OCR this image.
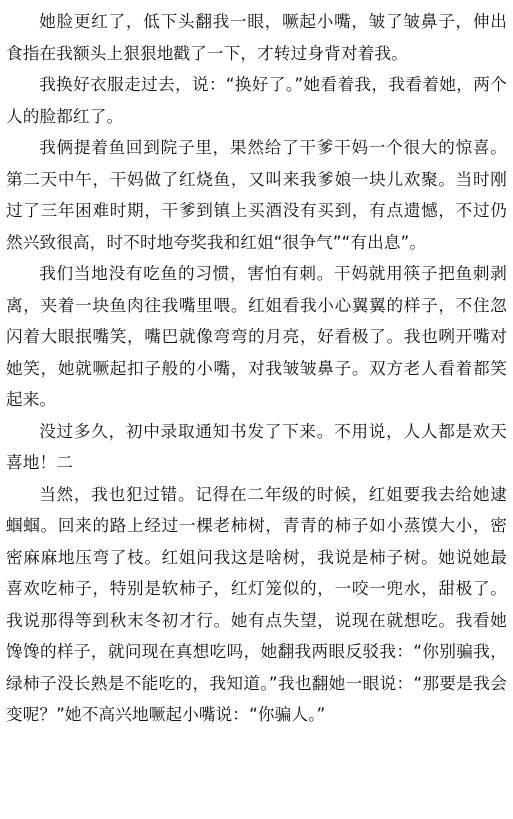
她脸更红了，低下头翻我一眼，噘起小嘴，皱了皱鼻子，伸出食指在我额头上狠狠地戳了一下，才转过身背对着我。

我换好衣服走过去，说：“换好了。”她看着我，我看着她，两个人的脸都红了。

我俩提着鱼回到院子里，果然给了干爹干妈一个很大的惊喜。第二天中午，干妈做了红烧鱼，又叫来我爹娘一块儿欢聚。当时刚过了三年困难时期，干爹到镇上买酒没有买到，有点遗憾，不过仍然兴致很高，时不时地夸奖我和红姐“很争气”“有出息”。

我们当地没有吃鱼的习惯，害怕有刺。干妈就用筷子把鱼刺剥离，夹着一块鱼肉往我嘴里喂。红姐看我小心翼翼的样子，不住忽闪着大眼抿嘴笑，嘴巴就像弯弯的月亮，好看极了。我也咧开嘴对她笑，她就噘起扣子般的小嘴，对我皱皱鼻子。双方老人看着都笑起来。

没过多久，初中录取通知书发了下来。不用说，人人都是欢天喜地！二

当然，我也犯过错。记得在二年级的时候，红姐要我去给她逮蝈蝈。回来的路上经过一棵老柿树，青青的柿子如小蒸馍大小，密密麻麻地压弯了枝。红姐问我这是啥树，我说是柿子树。她说她最喜欢吃柿子，特别是软柿子，红灯笼似的，一咬一兜水，甜极了。我说那得等到秋末冬初才行。她有点失望，说现在就想吃。我看她馋馋的样子，就问现在真想吃吗，她翻我两眼反驳我：“你别骗我，绿柿子没长熟是不能吃的，我知道。”我也翻她一眼说：“那要是我会变呢？”她不高兴地噘起小嘴说：“你骗人。”
